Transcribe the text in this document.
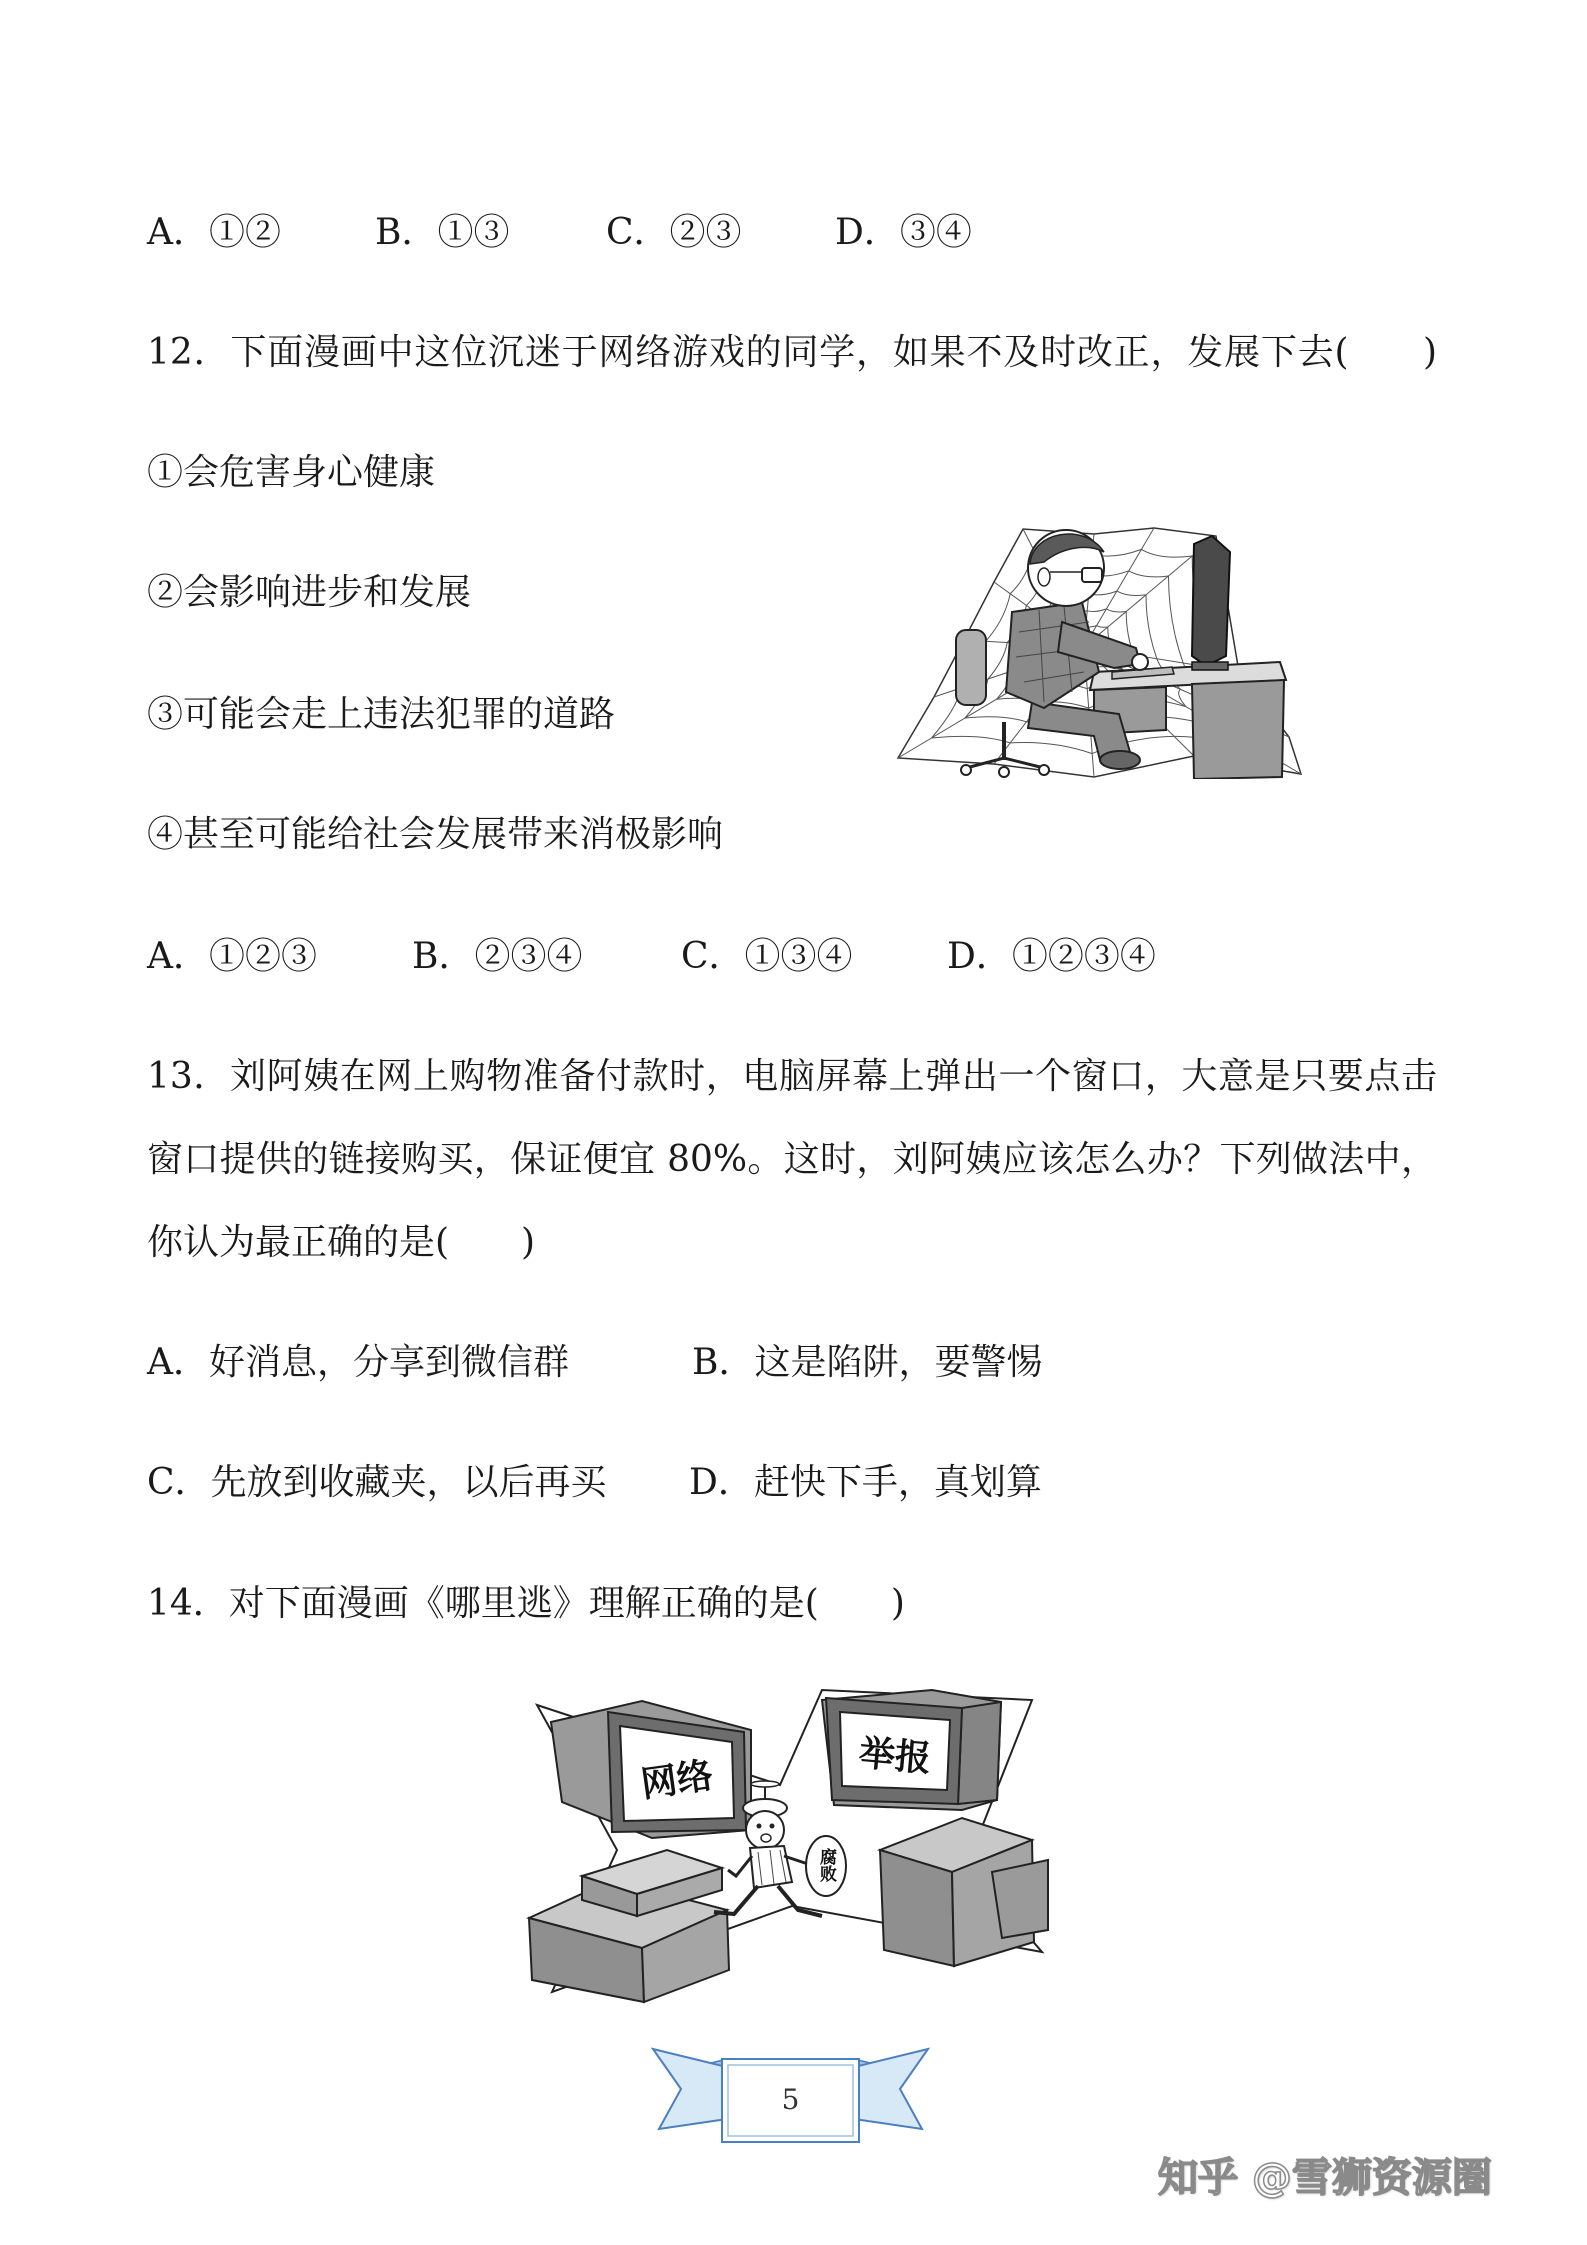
A．①②	B．①③	C．②③	D．③④
12．下面漫画中这位沉迷于网络游戏的同学，如果不及时改正，发展下去(　　)
①会危害身心健康
②会影响进步和发展
③可能会走上违法犯罪的道路
④甚至可能给社会发展带来消极影响
A．①②③	B．②③④	C．①③④	D．①②③④
13．刘阿姨在网上购物准备付款时，电脑屏幕上弹出一个窗口，大意是只要点击
窗口提供的链接购买，保证便宜 80%。这时，刘阿姨应该怎么办？下列做法中，
你认为最正确的是(　　)
A．好消息，分享到微信群	B．这是陷阱，要警惕
C．先放到收藏夹，以后再买 D．赶快下手，真划算
14．对下面漫画《哪里逃》理解正确的是(　　)
网络	举报
腐败
5
知乎 @雪狮资源圈
